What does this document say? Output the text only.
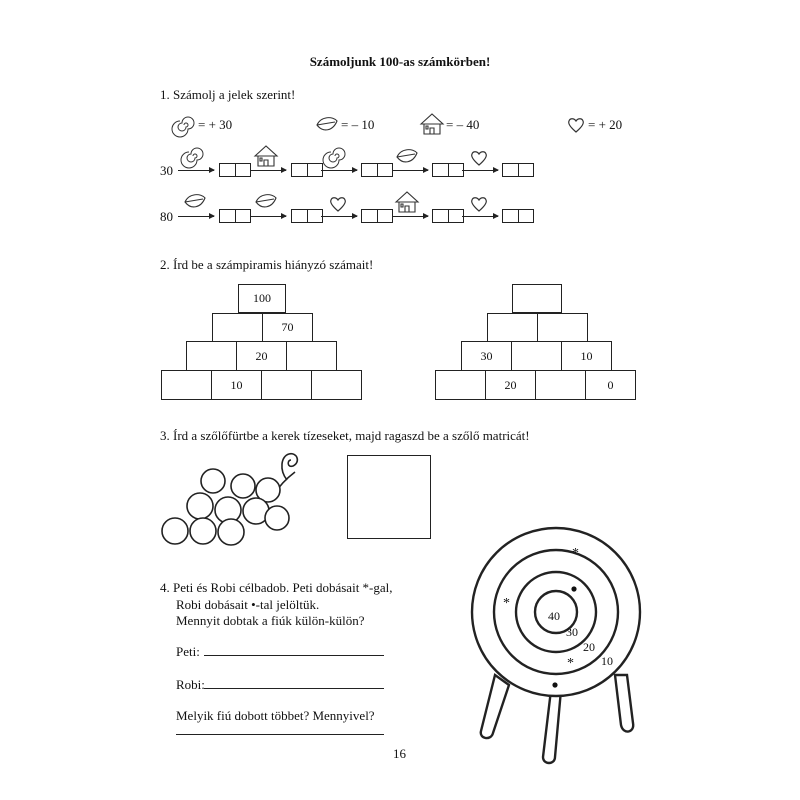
Számoljunk 100-as számkörben!
1. Számolj a jelek szerint!
= + 30	= – 10	= – 40	= + 20
30
80
2. Írd be a számpiramis hiányzó számait!
100
70
20
10
30	10
20	0
3. Írd a szőlőfürtbe a kerek tízeseket, majd ragaszd be a szőlő matricát!
4. Peti és Robi célbadob. Peti dobásait *-gal,
Robi dobásait •-tal jelöltük.
Mennyit dobtak a fiúk külön-külön?
Peti:
Robi:
Melyik fiú dobott többet? Mennyivel?
*
*
*
40
30
20
10
16
